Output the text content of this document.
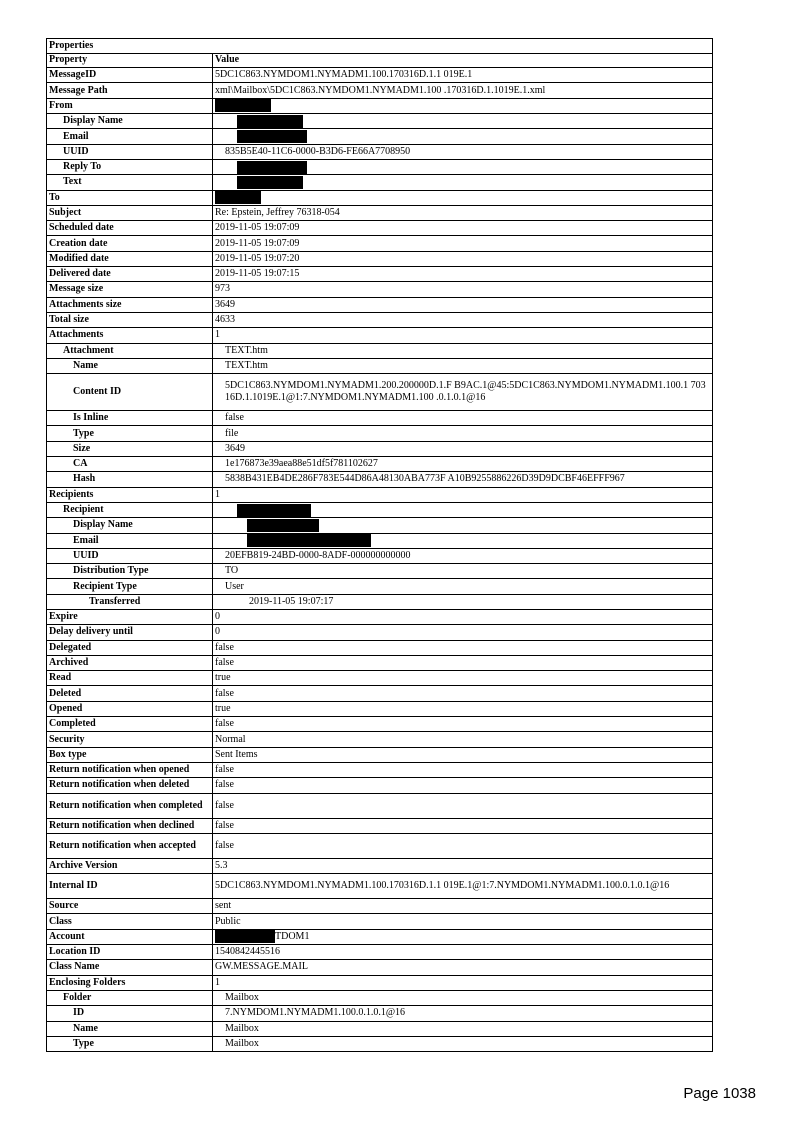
Properties	
Property	Value
MessageID	5DC1C863.NYMDOM1.NYMADM1.100.170316D.1.1 019E.1
Message Path	xml\Mailbox\5DC1C863.NYMDOM1.NYMADM1.100 .170316D.1.1019E.1.xml
From	
Display Name	
Email	
UUID	835B5E40-11C6-0000-B3D6-FE66A7708950
Reply To	
Text	
To	
Subject	Re: Epstein, Jeffrey 76318-054
Scheduled date	2019-11-05 19:07:09
Creation date	2019-11-05 19:07:09
Modified date	2019-11-05 19:07:20
Delivered date	2019-11-05 19:07:15
Message size	973
Attachments size	3649
Total size	4633
Attachments	1
Attachment	TEXT.htm
Name	TEXT.htm
Content ID	5DC1C863.NYMDOM1.NYMADM1.200.200000D.1.F B9AC.1@45:5DC1C863.NYMDOM1.NYMADM1.100.1 70316D.1.1019E.1@1:7.NYMDOM1.NYMADM1.100 .0.1.0.1@16
Is Inline	false
Type	file
Size	3649
CA	1e176873e39aea88e51df5f781102627
Hash	5838B431EB4DE286F783E544D86A48130ABA773F A10B9255886226D39D9DCBF46EFFF967
Recipients	1
Recipient	
Display Name	
Email	
UUID	20EFB819-24BD-0000-8ADF-000000000000
Distribution Type	TO
Recipient Type	User
Transferred	2019-11-05 19:07:17
Expire	0
Delay delivery until	0
Delegated	false
Archived	false
Read	true
Deleted	false
Opened	true
Completed	false
Security	Normal
Box type	Sent Items
Return notification when opened	false
Return notification when deleted	false
Return notification when completed	false
Return notification when declined	false
Return notification when accepted	false
Archive Version	5.3
Internal ID	5DC1C863.NYMDOM1.NYMADM1.100.170316D.1.1 019E.1@1:7.NYMDOM1.NYMADM1.100.0.1.0.1@16
Source	sent
Class	Public
Account	TDOM1
Location ID	1540842445516
Class Name	GW.MESSAGE.MAIL
Enclosing Folders	1
Folder	Mailbox
ID	7.NYMDOM1.NYMADM1.100.0.1.0.1@16
Name	Mailbox
Type	Mailbox
Page 1038
